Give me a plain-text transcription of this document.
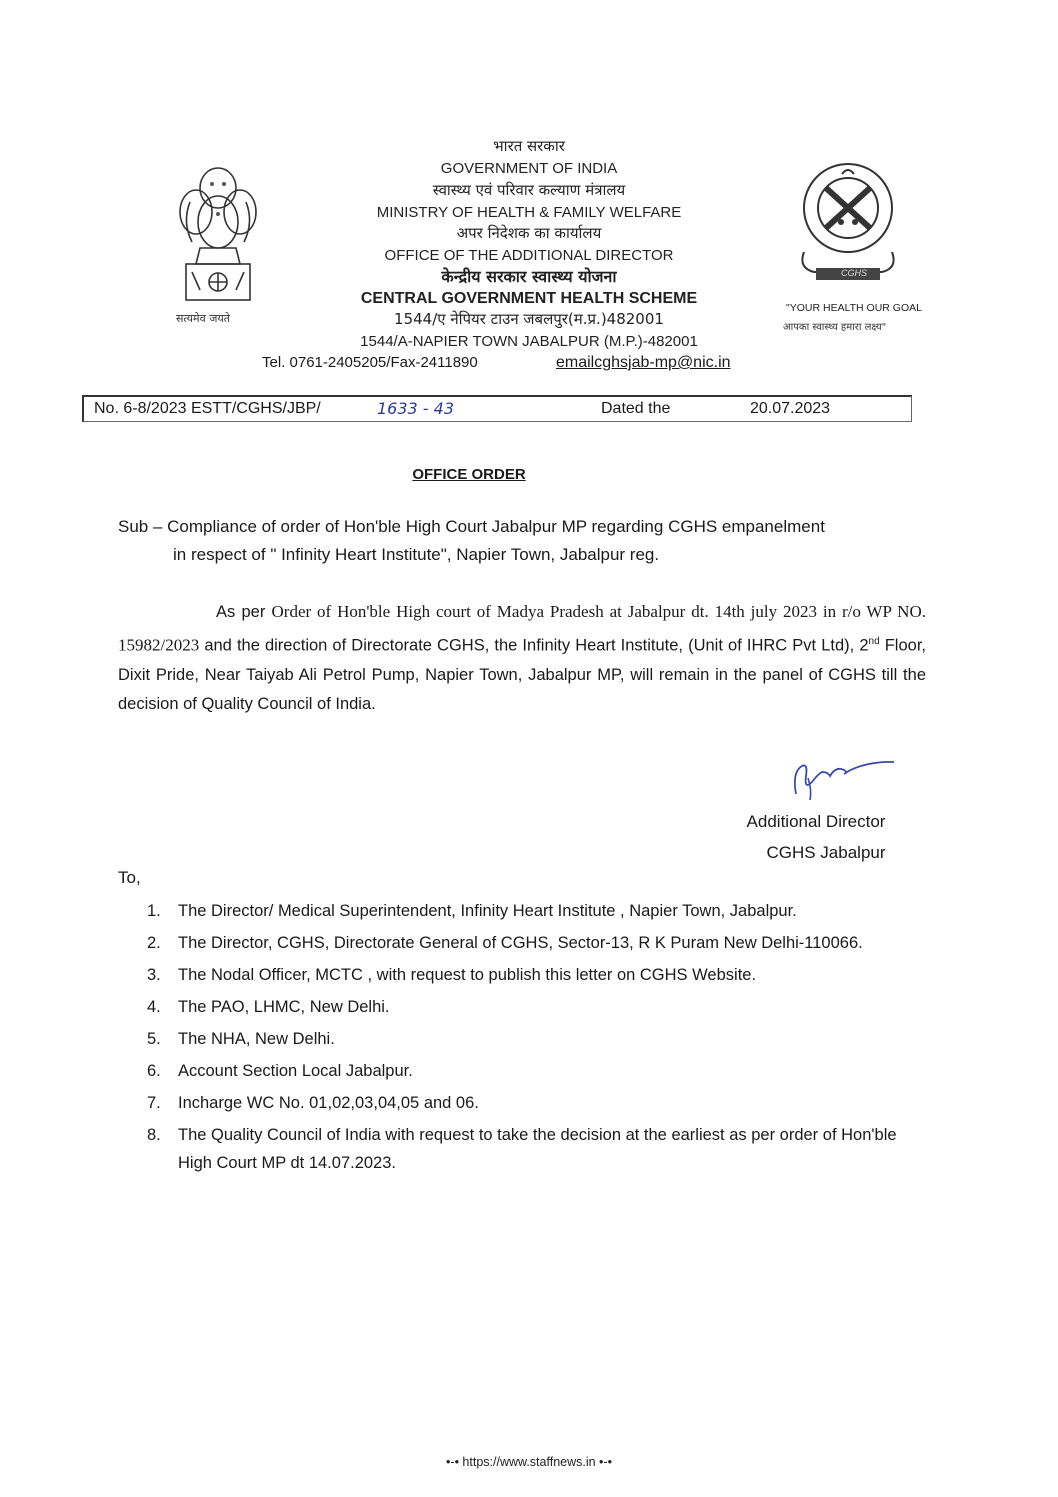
सत्यमेव जयते
CGHS
"YOUR HEALTH OUR GOAL
आपका स्वास्थ्य हमारा लक्ष्य"
भारत सरकार
GOVERNMENT OF INDIA
स्वास्थ्य एवं परिवार कल्याण मंत्रालय
MINISTRY OF HEALTH & FAMILY WELFARE
अपर निदेशक का कार्यालय
OFFICE OF THE ADDITIONAL DIRECTOR
केन्द्रीय सरकार स्वास्थ्य योजना
CENTRAL GOVERNMENT HEALTH SCHEME
1544/ए नेपियर टाउन जबलपुर(म.प्र.)482001
1544/A-NAPIER TOWN JABALPUR (M.P.)-482001
Tel. 0761-2405205/Fax-2411890	emailcghsjab-mp@nic.in
No. 6-8/2023 ESTT/CGHS/JBP/	1633 - 43	Dated the	20.07.2023
OFFICE ORDER
Sub – Compliance of order of Hon'ble High Court Jabalpur MP regarding CGHS empanelment
in respect of " Infinity Heart Institute", Napier Town, Jabalpur reg.
As per Order of Hon'ble High court of Madya Pradesh at Jabalpur dt. 14th july 2023 in r/o WP NO. 15982/2023 and the direction of Directorate CGHS, the Infinity Heart Institute, (Unit of IHRC Pvt Ltd), 2nd Floor, Dixit Pride, Near Taiyab Ali Petrol Pump, Napier Town, Jabalpur MP, will remain in the panel of CGHS till the decision of Quality Council of India.
Additional Director
CGHS Jabalpur
To,
1.	The Director/ Medical Superintendent, Infinity Heart Institute , Napier Town, Jabalpur.
2.	The Director, CGHS, Directorate General of CGHS, Sector-13, R K Puram New Delhi-110066.
3.	The Nodal Officer, MCTC , with request to publish this letter on CGHS Website.
4.	The PAO, LHMC, New Delhi.
5.	The NHA, New Delhi.
6.	Account Section Local Jabalpur.
7.	Incharge WC No. 01,02,03,04,05 and 06.
8.	The Quality Council of India with request to take the decision at the earliest as per order of Hon'ble High Court MP dt 14.07.2023.
•-• https://www.staffnews.in •-•
